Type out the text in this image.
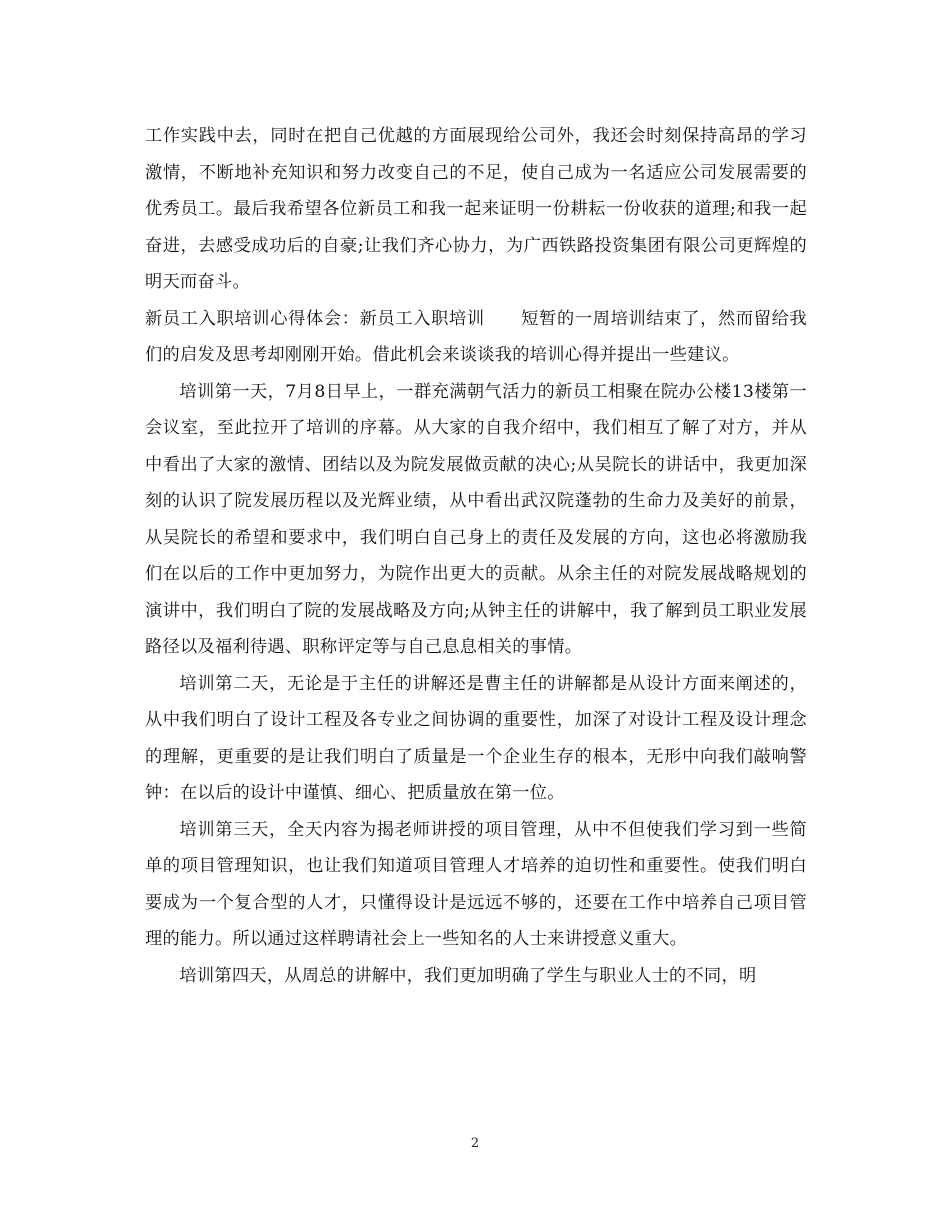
工作实践中去，同时在把自己优越的方面展现给公司外，我还会时刻保持高昂的学习激情，不断地补充知识和努力改变自己的不足，使自己成为一名适应公司发展需要的优秀员工。最后我希望各位新员工和我一起来证明一份耕耘一份收获的道理;和我一起奋进，去感受成功后的自豪;让我们齐心协力，为广西铁路投资集团有限公司更辉煌的明天而奋斗。

新员工入职培训心得体会：新员工入职培训 短暂的一周培训结束了，然而留给我们的启发及思考却刚刚开始。借此机会来谈谈我的培训心得并提出一些建议。

培训第一天，7月8日早上，一群充满朝气活力的新员工相聚在院办公楼13楼第一会议室，至此拉开了培训的序幕。从大家的自我介绍中，我们相互了解了对方，并从中看出了大家的激情、团结以及为院发展做贡献的决心;从吴院长的讲话中，我更加深刻的认识了院发展历程以及光辉业绩，从中看出武汉院蓬勃的生命力及美好的前景，从吴院长的希望和要求中，我们明白自己身上的责任及发展的方向，这也必将激励我们在以后的工作中更加努力，为院作出更大的贡献。从余主任的对院发展战略规划的演讲中，我们明白了院的发展战略及方向;从钟主任的讲解中，我了解到员工职业发展路径以及福利待遇、职称评定等与自己息息相关的事情。

培训第二天，无论是于主任的讲解还是曹主任的讲解都是从设计方面来阐述的，从中我们明白了设计工程及各专业之间协调的重要性，加深了对设计工程及设计理念的理解，更重要的是让我们明白了质量是一个企业生存的根本，无形中向我们敲响警钟：在以后的设计中谨慎、细心、把质量放在第一位。

培训第三天，全天内容为揭老师讲授的项目管理，从中不但使我们学习到一些简单的项目管理知识，也让我们知道项目管理人才培养的迫切性和重要性。使我们明白要成为一个复合型的人才，只懂得设计是远远不够的，还要在工作中培养自己项目管理的能力。所以通过这样聘请社会上一些知名的人士来讲授意义重大。

培训第四天，从周总的讲解中，我们更加明确了学生与职业人士的不同，明

2
